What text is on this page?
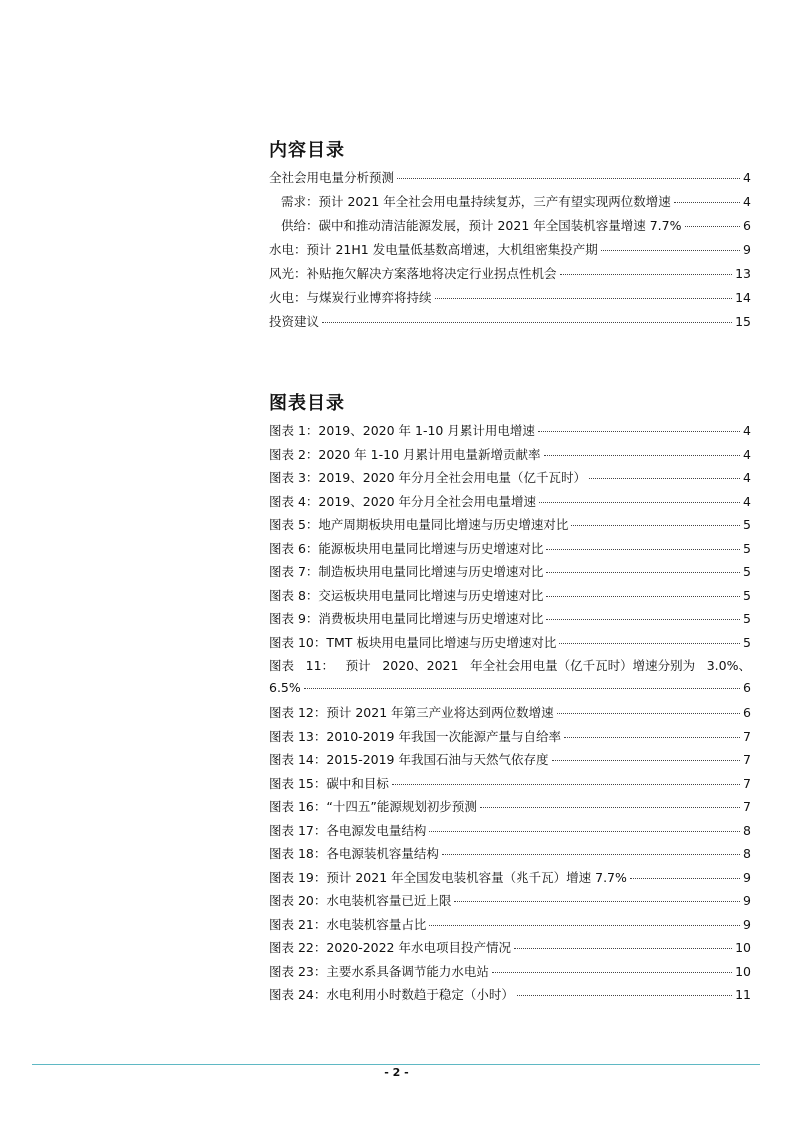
内容目录
全社会用电量分析预测	4
需求：预计 2021 年全社会用电量持续复苏，三产有望实现两位数增速	4
供给：碳中和推动清洁能源发展，预计 2021 年全国装机容量增速 7.7%	6
水电：预计 21H1 发电量低基数高增速，大机组密集投产期	9
风光：补贴拖欠解决方案落地将决定行业拐点性机会	13
火电：与煤炭行业博弈将持续	14
投资建议	15
图表目录
图表 1：2019、2020 年 1-10 月累计用电增速	4
图表 2：2020 年 1-10 月累计用电量新增贡献率	4
图表 3：2019、2020 年分月全社会用电量（亿千瓦时）	4
图表 4：2019、2020 年分月全社会用电量增速	4
图表 5：地产周期板块用电量同比增速与历史增速对比	5
图表 6：能源板块用电量同比增速与历史增速对比	5
图表 7：制造板块用电量同比增速与历史增速对比	5
图表 8：交运板块用电量同比增速与历史增速对比	5
图表 9：消费板块用电量同比增速与历史增速对比	5
图表 10：TMT 板块用电量同比增速与历史增速对比	5
图表 11： 预计 2020、2021 年全社会用电量（亿千瓦时）增速分别为 3.0%、
6.5%	6
图表 12：预计 2021 年第三产业将达到两位数增速	6
图表 13：2010-2019 年我国一次能源产量与自给率	7
图表 14：2015-2019 年我国石油与天然气依存度	7
图表 15：碳中和目标	7
图表 16：“十四五”能源规划初步预测	7
图表 17：各电源发电量结构	8
图表 18：各电源装机容量结构	8
图表 19：预计 2021 年全国发电装机容量（兆千瓦）增速 7.7%	9
图表 20：水电装机容量已近上限	9
图表 21：水电装机容量占比	9
图表 22：2020-2022 年水电项目投产情况	10
图表 23：主要水系具备调节能力水电站	10
图表 24：水电利用小时数趋于稳定（小时）	11
- 2 -
